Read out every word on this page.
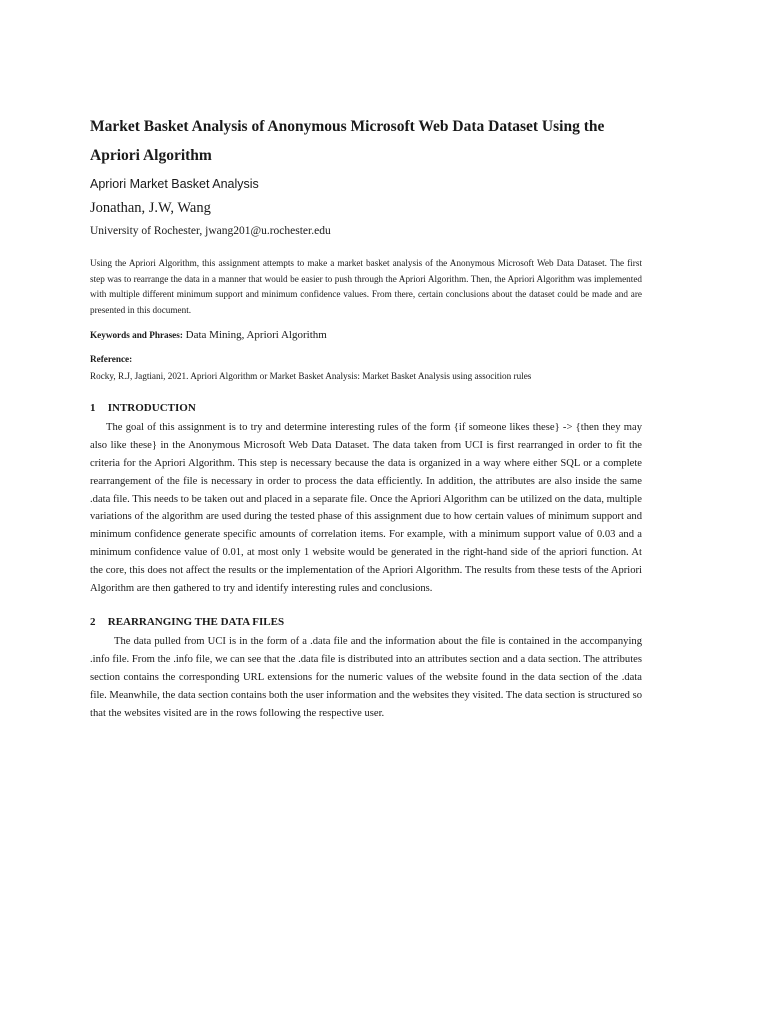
Market Basket Analysis of Anonymous Microsoft Web Data Dataset Using the Apriori Algorithm
Apriori Market Basket Analysis
Jonathan, J.W, Wang
University of Rochester, jwang201@u.rochester.edu
Using the Apriori Algorithm, this assignment attempts to make a market basket analysis of the Anonymous Microsoft Web Data Dataset. The first step was to rearrange the data in a manner that would be easier to push through the Apriori Algorithm. Then, the Apriori Algorithm was implemented with multiple different minimum support and minimum confidence values. From there, certain conclusions about the dataset could be made and are presented in this document.
Keywords and Phrases: Data Mining, Apriori Algorithm
Reference:
Rocky, R.J, Jagtiani, 2021. Apriori Algorithm or Market Basket Analysis: Market Basket Analysis using assocition rules
1 INTRODUCTION
The goal of this assignment is to try and determine interesting rules of the form {if someone likes these} -> {then they may also like these} in the Anonymous Microsoft Web Data Dataset. The data taken from UCI is first rearranged in order to fit the criteria for the Apriori Algorithm. This step is necessary because the data is organized in a way where either SQL or a complete rearrangement of the file is necessary in order to process the data efficiently. In addition, the attributes are also inside the same .data file. This needs to be taken out and placed in a separate file. Once the Apriori Algorithm can be utilized on the data, multiple variations of the algorithm are used during the tested phase of this assignment due to how certain values of minimum support and minimum confidence generate specific amounts of correlation items. For example, with a minimum support value of 0.03 and a minimum confidence value of 0.01, at most only 1 website would be generated in the right-hand side of the apriori function. At the core, this does not affect the results or the implementation of the Apriori Algorithm. The results from these tests of the Apriori Algorithm are then gathered to try and identify interesting rules and conclusions.
2 REARRANGING THE DATA FILES
The data pulled from UCI is in the form of a .data file and the information about the file is contained in the accompanying .info file. From the .info file, we can see that the .data file is distributed into an attributes section and a data section. The attributes section contains the corresponding URL extensions for the numeric values of the website found in the data section of the .data file. Meanwhile, the data section contains both the user information and the websites they visited. The data section is structured so that the websites visited are in the rows following the respective user.
